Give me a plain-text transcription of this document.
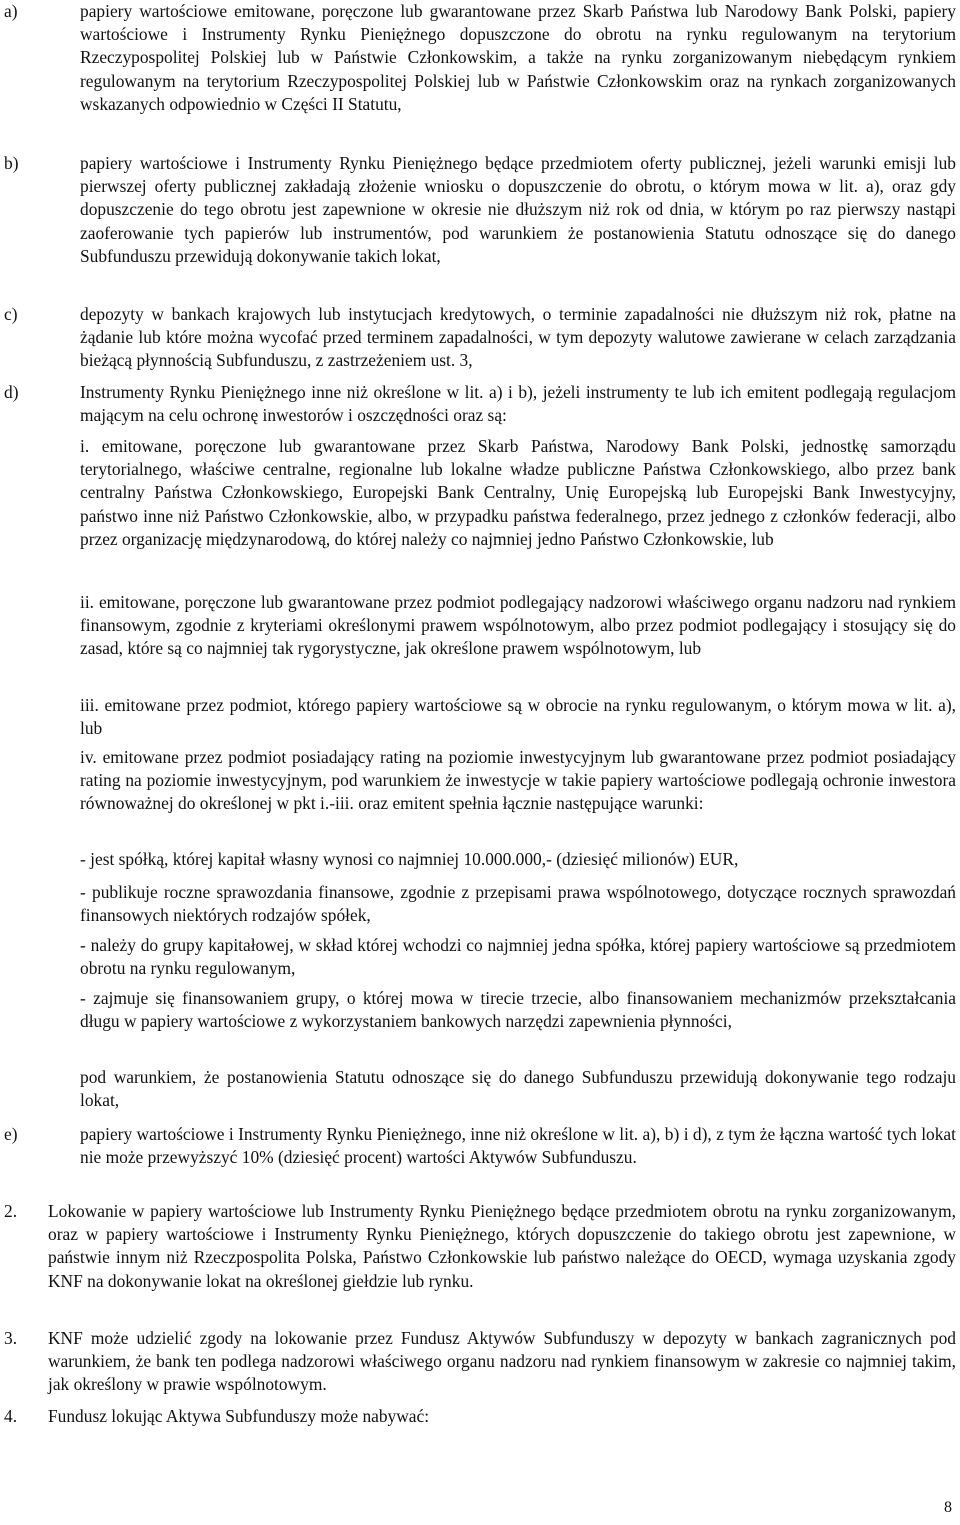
a)	papiery wartościowe emitowane, poręczone lub gwarantowane przez Skarb Państwa lub Narodowy Bank Polski, papiery wartościowe i Instrumenty Rynku Pieniężnego dopuszczone do obrotu na rynku regulowanym na terytorium Rzeczypospolitej Polskiej lub w Państwie Członkowskim, a także na rynku zorganizowanym niebędącym rynkiem regulowanym na terytorium Rzeczypospolitej Polskiej lub w Państwie Członkowskim oraz na rynkach zorganizowanych wskazanych odpowiednio w Części II Statutu,
b)	papiery wartościowe i Instrumenty Rynku Pieniężnego będące przedmiotem oferty publicznej, jeżeli warunki emisji lub pierwszej oferty publicznej zakładają złożenie wniosku o dopuszczenie do obrotu, o którym mowa w lit. a), oraz gdy dopuszczenie do tego obrotu jest zapewnione w okresie nie dłuższym niż rok od dnia, w którym po raz pierwszy nastąpi zaoferowanie tych papierów lub instrumentów, pod warunkiem że postanowienia Statutu odnoszące się do danego Subfunduszu przewidują dokonywanie takich lokat,
c)	depozyty w bankach krajowych lub instytucjach kredytowych, o terminie zapadalności nie dłuższym niż rok, płatne na żądanie lub które można wycofać przed terminem zapadalności, w tym depozyty walutowe zawierane w celach zarządzania bieżącą płynnością Subfunduszu, z zastrzeżeniem ust. 3,
d)	Instrumenty Rynku Pieniężnego inne niż określone w lit. a) i b), jeżeli instrumenty te lub ich emitent podlegają regulacjom mającym na celu ochronę inwestorów i oszczędności oraz są:
i. emitowane, poręczone lub gwarantowane przez Skarb Państwa, Narodowy Bank Polski, jednostkę samorządu terytorialnego, właściwe centralne, regionalne lub lokalne władze publiczne Państwa Członkowskiego, albo przez bank centralny Państwa Członkowskiego, Europejski Bank Centralny, Unię Europejską lub Europejski Bank Inwestycyjny, państwo inne niż Państwo Członkowskie, albo, w przypadku państwa federalnego, przez jednego z członków federacji, albo przez organizację międzynarodową, do której należy co najmniej jedno Państwo Członkowskie, lub
ii. emitowane, poręczone lub gwarantowane przez podmiot podlegający nadzorowi właściwego organu nadzoru nad rynkiem finansowym, zgodnie z kryteriami określonymi prawem wspólnotowym, albo przez podmiot podlegający i stosujący się do zasad, które są co najmniej tak rygorystyczne, jak określone prawem wspólnotowym, lub
iii. emitowane przez podmiot, którego papiery wartościowe są w obrocie na rynku regulowanym, o którym mowa w lit. a), lub
iv. emitowane przez podmiot posiadający rating na poziomie inwestycyjnym lub gwarantowane przez podmiot posiadający rating na poziomie inwestycyjnym, pod warunkiem że inwestycje w takie papiery wartościowe podlegają ochronie inwestora równoważnej do określonej w pkt i.-iii. oraz emitent spełnia łącznie następujące warunki:
- jest spółką, której kapitał własny wynosi co najmniej 10.000.000,- (dziesięć milionów) EUR,
- publikuje roczne sprawozdania finansowe, zgodnie z przepisami prawa wspólnotowego, dotyczące rocznych sprawozdań finansowych niektórych rodzajów spółek,
- należy do grupy kapitałowej, w skład której wchodzi co najmniej jedna spółka, której papiery wartościowe są przedmiotem obrotu na rynku regulowanym,
- zajmuje się finansowaniem grupy, o której mowa w tirecie trzecie, albo finansowaniem mechanizmów przekształcania długu w papiery wartościowe z wykorzystaniem bankowych narzędzi zapewnienia płynności,
pod warunkiem, że postanowienia Statutu odnoszące się do danego Subfunduszu przewidują dokonywanie tego rodzaju lokat,
e)	papiery wartościowe i Instrumenty Rynku Pieniężnego, inne niż określone w lit. a), b) i d), z tym że łączna wartość tych lokat nie może przewyższyć 10% (dziesięć procent) wartości Aktywów Subfunduszu.
2. Lokowanie w papiery wartościowe lub Instrumenty Rynku Pieniężnego będące przedmiotem obrotu na rynku zorganizowanym, oraz w papiery wartościowe i Instrumenty Rynku Pieniężnego, których dopuszczenie do takiego obrotu jest zapewnione, w państwie innym niż Rzeczpospolita Polska, Państwo Członkowskie lub państwo należące do OECD, wymaga uzyskania zgody KNF na dokonywanie lokat na określonej giełdzie lub rynku.
3. KNF może udzielić zgody na lokowanie przez Fundusz Aktywów Subfunduszy w depozyty w bankach zagranicznych pod warunkiem, że bank ten podlega nadzorowi właściwego organu nadzoru nad rynkiem finansowym w zakresie co najmniej takim, jak określony w prawie wspólnotowym.
4. Fundusz lokując Aktywa Subfunduszy może nabywać:
8
